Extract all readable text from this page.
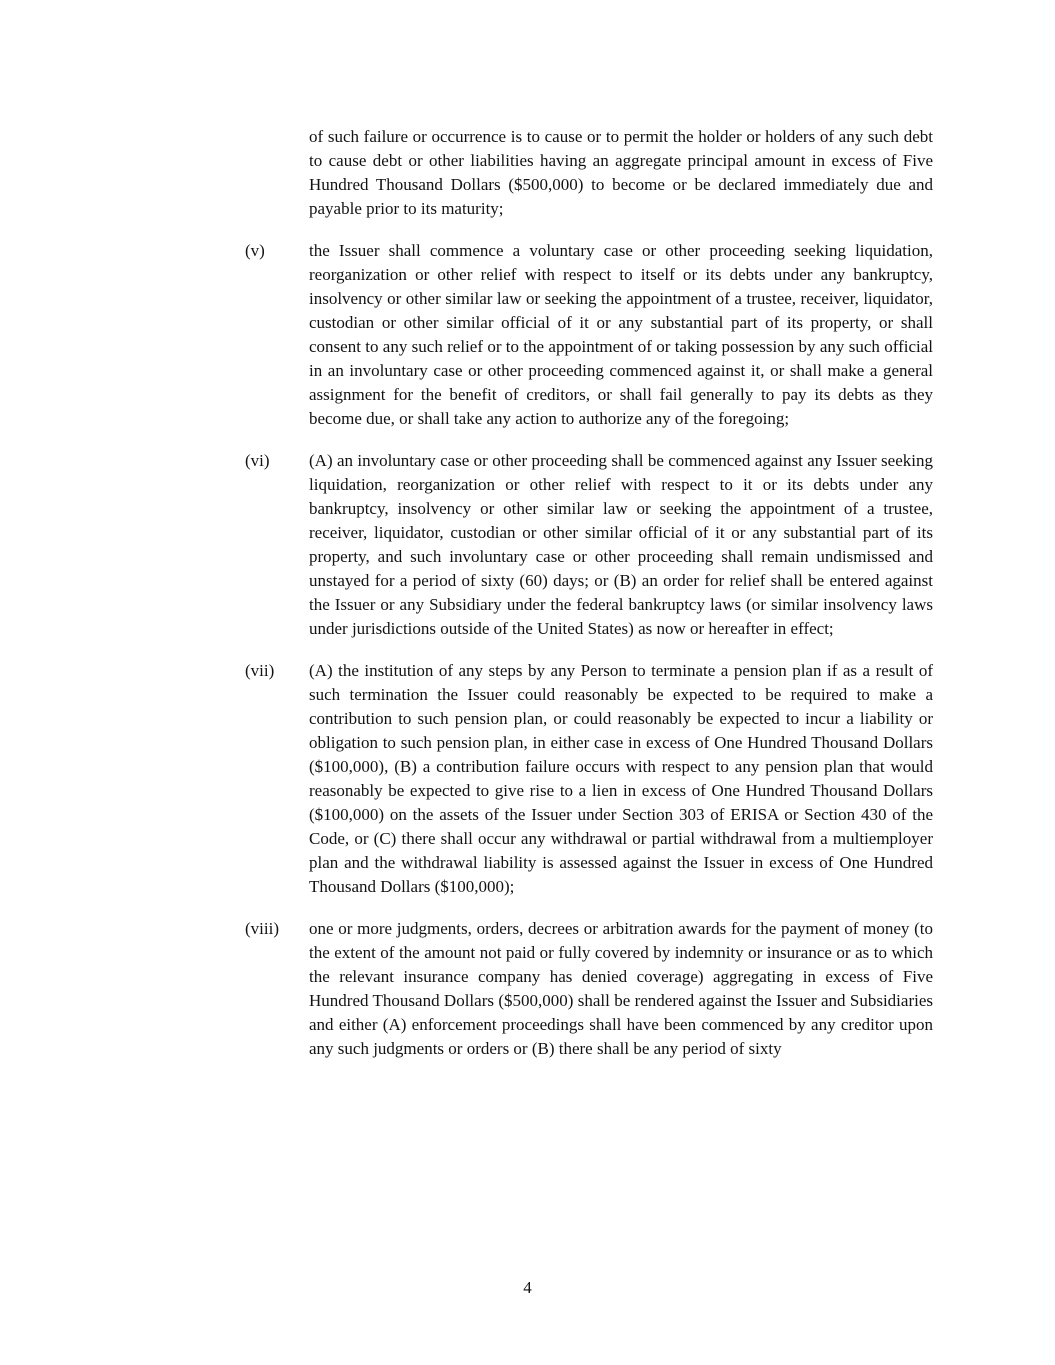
of such failure or occurrence is to cause or to permit the holder or holders of any such debt to cause debt or other liabilities having an aggregate principal amount in excess of Five Hundred Thousand Dollars ($500,000) to become or be declared immediately due and payable prior to its maturity;
(v)	the Issuer shall commence a voluntary case or other proceeding seeking liquidation, reorganization or other relief with respect to itself or its debts under any bankruptcy, insolvency or other similar law or seeking the appointment of a trustee, receiver, liquidator, custodian or other similar official of it or any substantial part of its property, or shall consent to any such relief or to the appointment of or taking possession by any such official in an involuntary case or other proceeding commenced against it, or shall make a general assignment for the benefit of creditors, or shall fail generally to pay its debts as they become due, or shall take any action to authorize any of the foregoing;
(vi)	(A) an involuntary case or other proceeding shall be commenced against any Issuer seeking liquidation, reorganization or other relief with respect to it or its debts under any bankruptcy, insolvency or other similar law or seeking the appointment of a trustee, receiver, liquidator, custodian or other similar official of it or any substantial part of its property, and such involuntary case or other proceeding shall remain undismissed and unstayed for a period of sixty (60) days; or (B) an order for relief shall be entered against the Issuer or any Subsidiary under the federal bankruptcy laws (or similar insolvency laws under jurisdictions outside of the United States) as now or hereafter in effect;
(vii)	(A) the institution of any steps by any Person to terminate a pension plan if as a result of such termination the Issuer could reasonably be expected to be required to make a contribution to such pension plan, or could reasonably be expected to incur a liability or obligation to such pension plan, in either case in excess of One Hundred Thousand Dollars ($100,000), (B) a contribution failure occurs with respect to any pension plan that would reasonably be expected to give rise to a lien in excess of One Hundred Thousand Dollars ($100,000) on the assets of the Issuer under Section 303 of ERISA or Section 430 of the Code, or (C) there shall occur any withdrawal or partial withdrawal from a multiemployer plan and the withdrawal liability is assessed against the Issuer in excess of One Hundred Thousand Dollars ($100,000);
(viii)	one or more judgments, orders, decrees or arbitration awards for the payment of money (to the extent of the amount not paid or fully covered by indemnity or insurance or as to which the relevant insurance company has denied coverage) aggregating in excess of Five Hundred Thousand Dollars ($500,000) shall be rendered against the Issuer and Subsidiaries and either (A) enforcement proceedings shall have been commenced by any creditor upon any such judgments or orders or (B) there shall be any period of sixty
4
